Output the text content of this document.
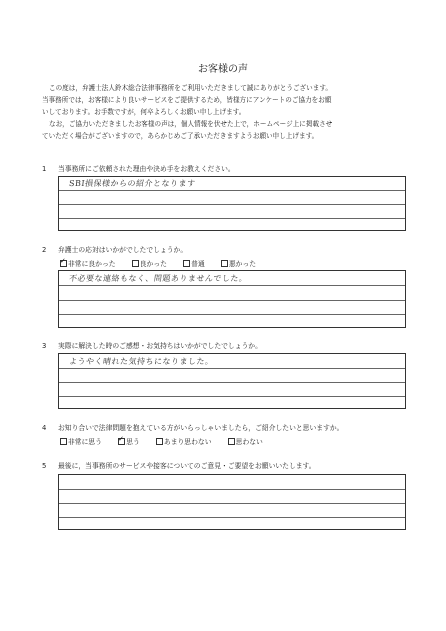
お客様の声

この度は，弁護士法人鈴木総合法律事務所をご利用いただきまして誠にありがとうございます。

当事務所では，お客様により良いサービスをご提供するため，皆様方にアンケートのご協力をお願

いしております。お手数ですが，何卒よろしくお願い申し上げます。

なお，ご協力いただきましたお客様の声は，個人情報を伏せた上で，ホームページ上に掲載させ

ていただく場合がございますので，あらかじめご了承いただきますようお願い申し上げます。

1 当事務所にご依頼された理由や決め手をお教えください。
SBI損保様からの紹介となります
2 弁護士の応対はいかがでしたでしょうか。
✓非常に良かった	良かった	普通	悪かった
不必要な連絡もなく、問題ありませんでした。
3 実際に解決した時のご感想・お気持ちはいかがでしたでしょうか。
ようやく晴れた気持ちになりました。
4 お知り合いで法律問題を抱えている方がいらっしゃいましたら，ご紹介したいと思いますか。
非常に思う ✓	思う	あまり思わない	思わない
5 最後に，当事務所のサービスや接客についてのご意見・ご要望をお願いいたします。
